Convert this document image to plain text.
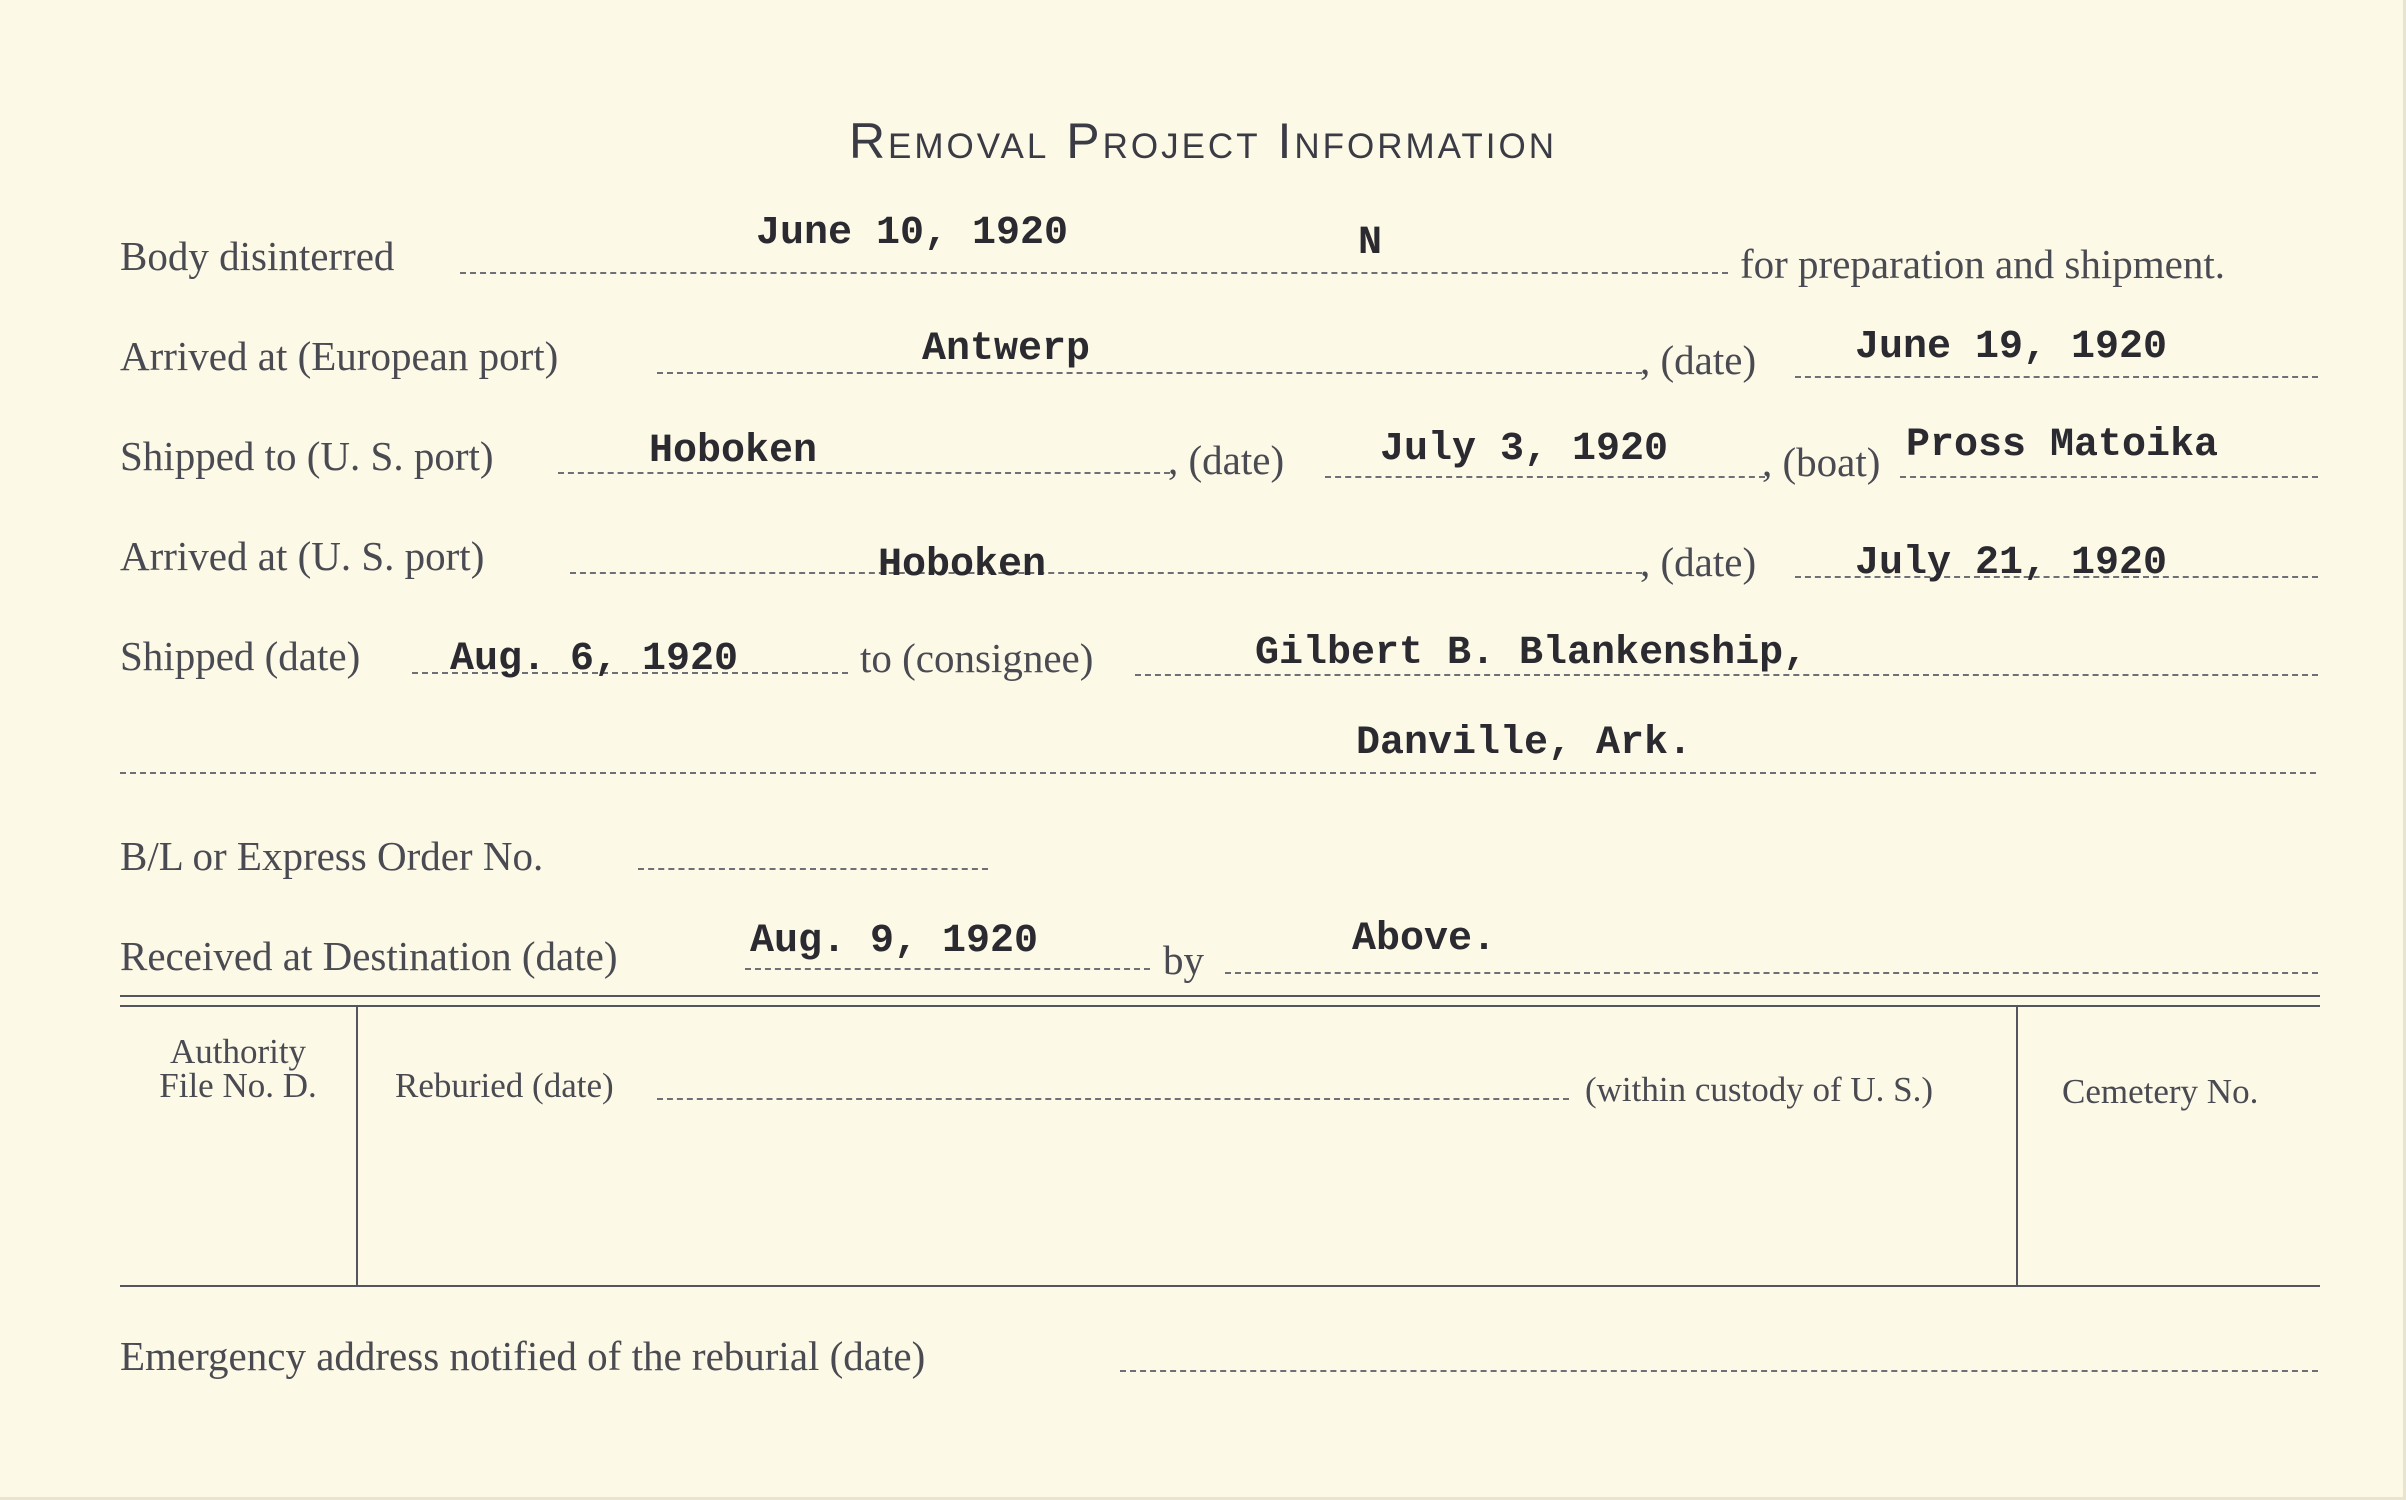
Removal Project Information
Body disinterred	June 10, 1920	N	for preparation and shipment.
Arrived at (European port)	Antwerp	, (date) June 19, 1920
Shipped to (U. S. port)	Hoboken	, (date) July 3, 1920 , (boat) Pross Matoika
Arrived at (U. S. port)	Hoboken	, (date) July 21, 1920
Shipped (date) Aug. 6, 1920	to (consignee)	Gilbert B. Blankenship,
Danville, Ark.
B/L or Express Order No.
Received at Destination (date)	Aug. 9, 1920	by	Above.
Authority
File No. D.	Reburied (date)	(within custody of U. S.)	Cemetery No.
Emergency address notified of the reburial (date)
